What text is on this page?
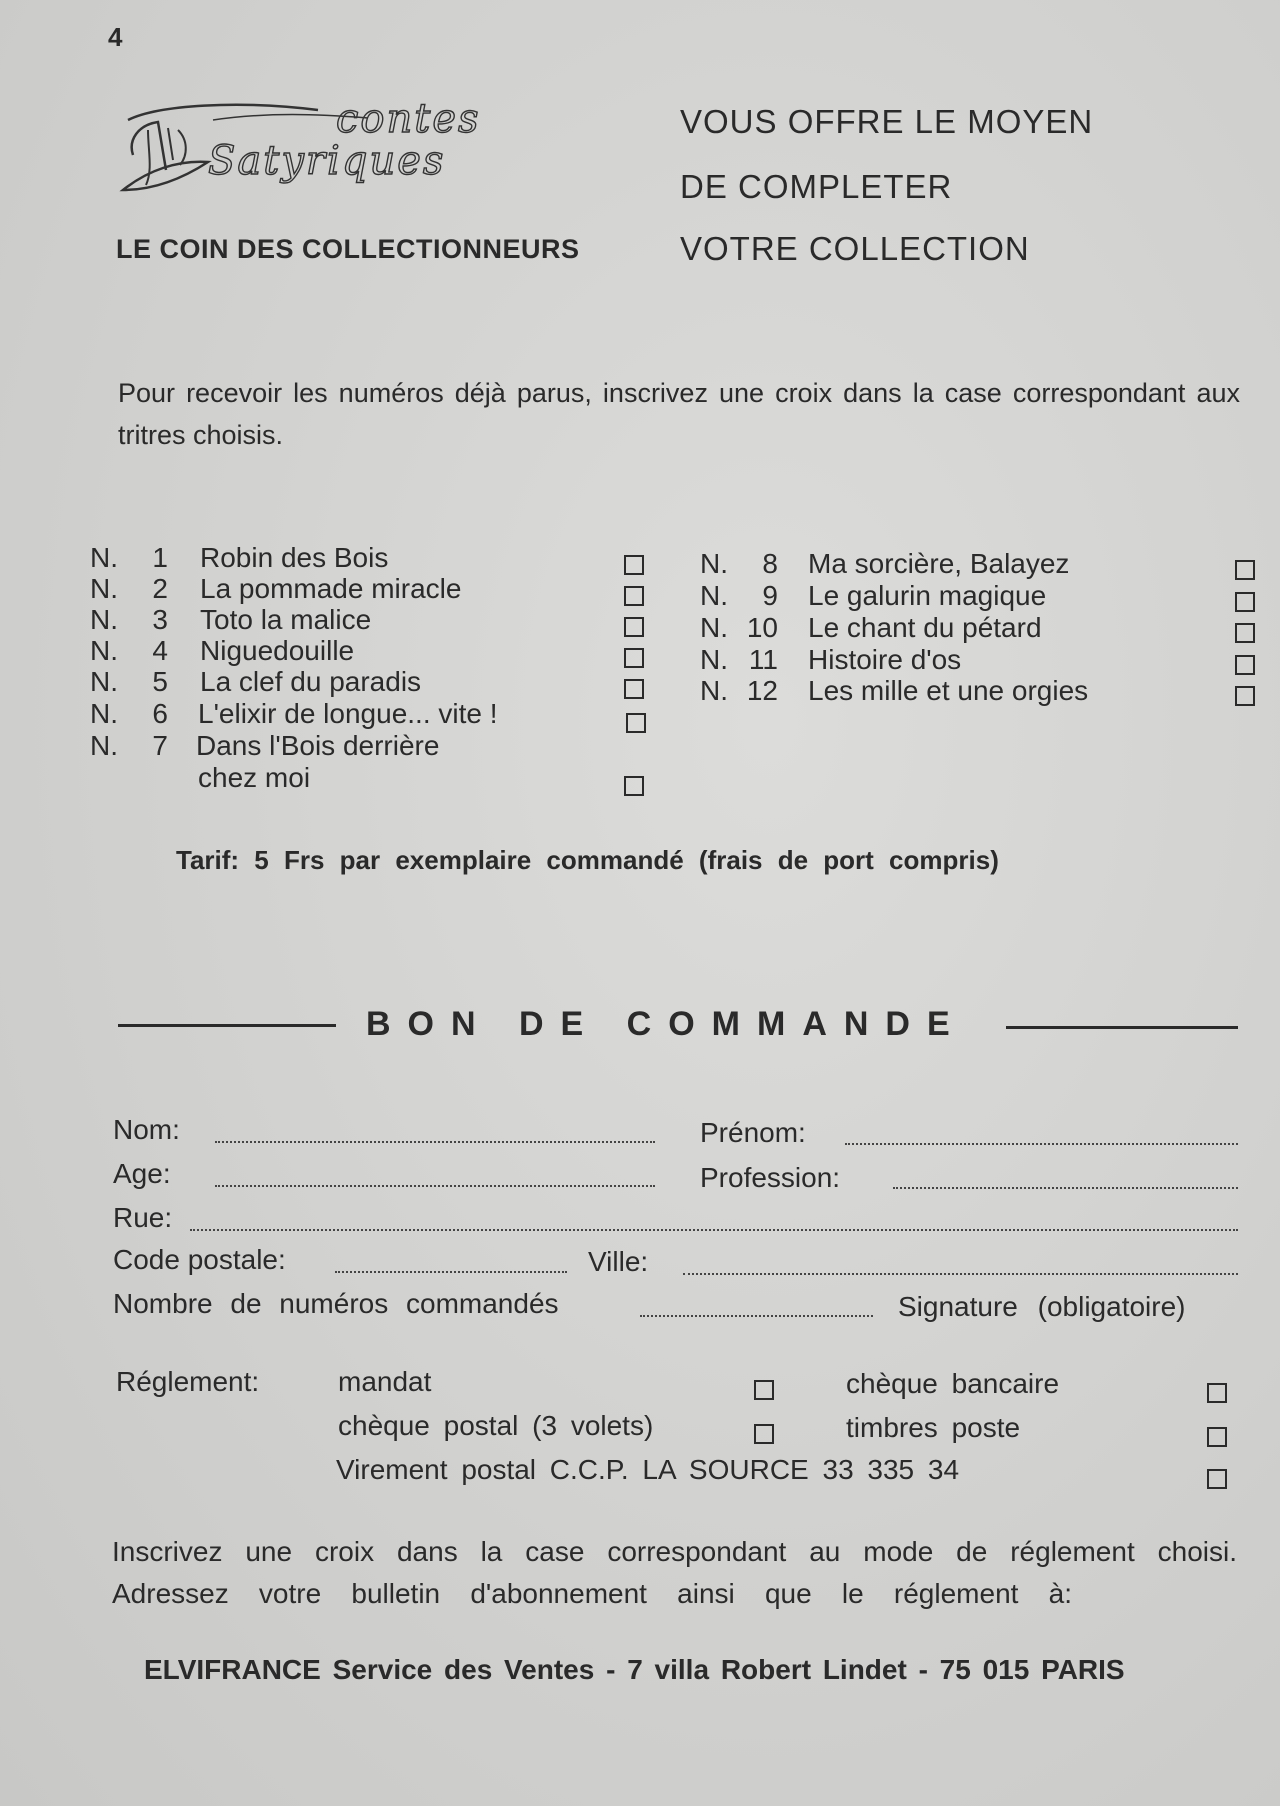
4
contes
Satyriques
LE COIN DES COLLECTIONNEURS
VOUS OFFRE LE MOYEN
DE COMPLETER
VOTRE COLLECTION
Pour recevoir les numéros déjà parus, inscrivez une croix dans la case correspondant aux tritres choisis.
N.	1 Robin des Bois
N.	2 La pommade miracle
N.	3 Toto la malice
N.	4 Niguedouille
N.	5 La clef du paradis
N.	6 L'elixir de longue... vite !
N.	7 Dans l'Bois derrière
chez moi
N.	8 Ma sorcière, Balayez
N.	9 Le galurin magique
N. 10 Le chant du pétard
N. 11 Histoire d'os
N. 12 Les mille et une orgies
Tarif: 5 Frs par exemplaire commandé (frais de port compris)
BON DE COMMANDE
Nom:	Prénom:
Age:	Profession:
Rue:
Code postale:	Ville:
Nombre de numéros commandés	Signature (obligatoire)
Réglement:	mandat	chèque bancaire
chèque postal (3 volets)	timbres poste
Virement postal C.C.P. LA SOURCE 33 335 34
Inscrivez une croix dans la case correspondant au mode de réglement choisi.
Adressez votre bulletin d'abonnement ainsi que le réglement à:
ELVIFRANCE Service des Ventes - 7 villa Robert Lindet - 75 015 PARIS
